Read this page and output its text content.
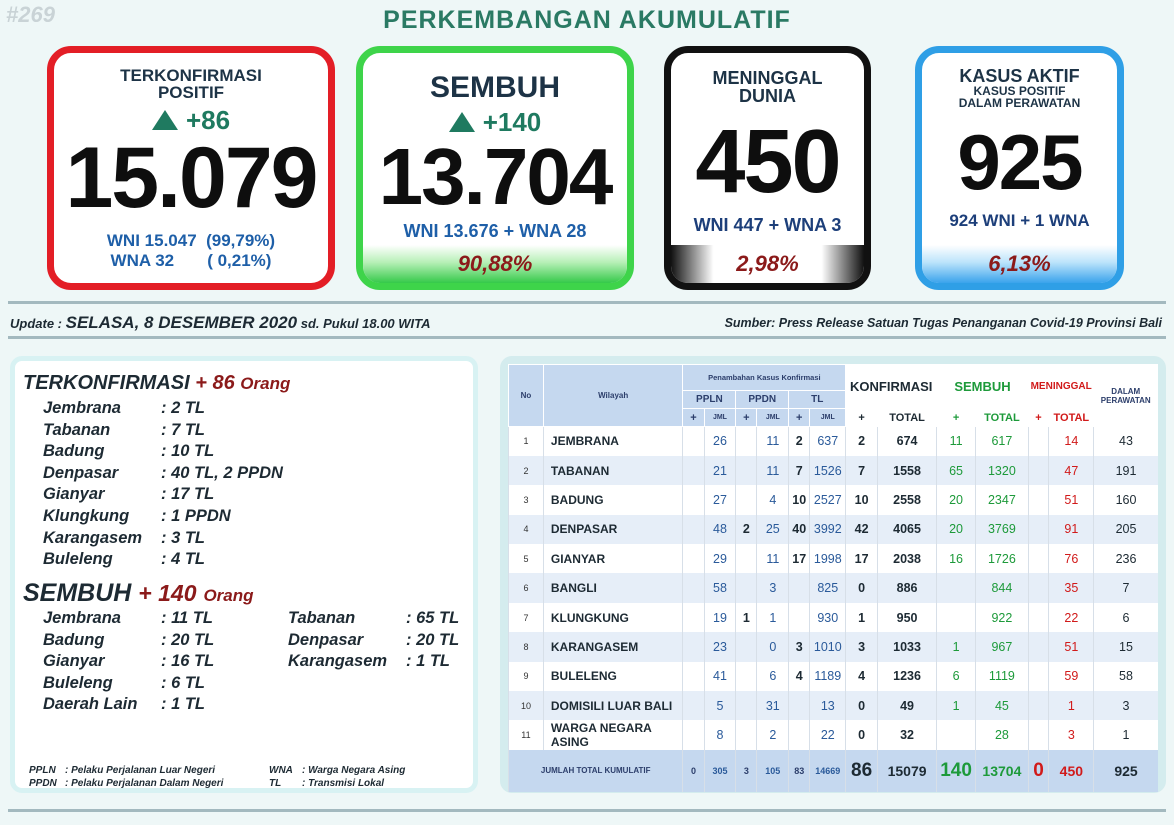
#269	PERKEMBANGAN AKUMULATIF
TERKONFIRMASI
POSITIF
+86
15.079
WNI 15.047  (99,79%)
WNA 32       ( 0,21%)
SEMBUH
+140
13.704
WNI 13.676 + WNA 28
90,88%
MENINGGAL
DUNIA
450
WNI 447 + WNA 3
2,98%
KASUS AKTIF
KASUS POSITIF
DALAM PERAWATAN
925
924 WNI + 1 WNA
6,13%
Update : SELASA, 8 DESEMBER 2020 sd. Pukul 18.00 WITA	Sumber: Press Release Satuan Tugas Penanganan Covid-19 Provinsi Bali
TERKONFIRMASI + 86 Orang
Jembrana : 2 TL
Tabanan	: 7 TL
Badung	: 10 TL
Denpasar	: 40 TL, 2 PPDN
Gianyar	: 17 TL
Klungkung : 1 PPDN
Karangasem : 3 TL
Buleleng	: 4 TL
SEMBUH + 140 Orang
Jembrana : 11 TL	Tabanan	: 65 TL
Badung	: 20 TL	Denpasar	: 20 TL
Gianyar	: 16 TL	Karangasem : 1 TL
Buleleng	: 6 TL
Daerah Lain : 1 TL
PPLN : Pelaku Perjalanan Luar Negeri	WNA : Warga Negara Asing
PPDN : Pelaku Perjalanan Dalam Negeri	TL : Transmisi Lokal
No	Wilayah	Penambahan Kasus Konfirmasi						KONFIRMASI		SEMBUH		MENINGGAL		DALAM
PERAWATAN
		PPLN		PPDN		TL								
		+	JML	+	JML	+	JML	+	TOTAL	+	TOTAL	+	TOTAL	
1	JEMBRANA		26		11	2	637	2	674	11	617		14	43
2	TABANAN		21		11	7	1526	7	1558	65	1320		47	191
3	BADUNG		27		4	10	2527	10	2558	20	2347		51	160
4	DENPASAR		48	2	25	40	3992	42	4065	20	3769		91	205
5	GIANYAR		29		11	17	1998	17	2038	16	1726		76	236
6	BANGLI		58		3		825	0	886		844		35	7
7	KLUNGKUNG		19	1	1		930	1	950		922		22	6
8	KARANGASEM		23		0	3	1010	3	1033	1	967		51	15
9	BULELENG		41		6	4	1189	4	1236	6	1119		59	58
10	DOMISILI LUAR BALI		5		31		13	0	49	1	45		1	3
11	WARGA NEGARA ASING		8		2		22	0	32		28		3	1
JUMLAH TOTAL KUMULATIF		0	305	3	105	83	14669	86	15079	140	13704	0	450	925
